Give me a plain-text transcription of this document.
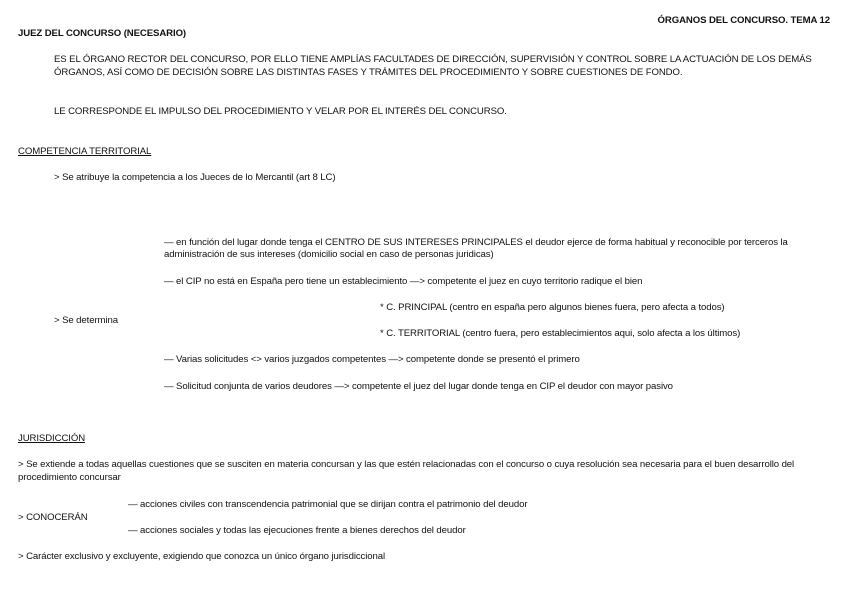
ÓRGANOS DEL CONCURSO. TEMA 12
JUEZ DEL CONCURSO (NECESARIO)
ES EL ÓRGANO RECTOR DEL CONCURSO, POR ELLO TIENE AMPLÍAS FACULTADES DE DIRECCIÓN, SUPERVISIÓN Y CONTROL SOBRE LA ACTUACIÓN DE LOS DEMÁS ÓRGANOS, ASÍ COMO DE DECISIÓN SOBRE LAS DISTINTAS FASES Y TRÁMITES DEL PROCEDIMIENTO Y SOBRE CUESTIONES DE FONDO.
LE CORRESPONDE EL IMPULSO DEL PROCEDIMIENTO Y VELAR POR EL INTERÉS DEL CONCURSO.
COMPETENCIA TERRITORIAL
> Se atribuye la competencia a los Jueces de lo Mercantil (art 8 LC)
— en función del lugar donde tenga el CENTRO DE SUS INTERESES PRINCIPALES el deudor ejerce de forma habitual y reconocible por terceros la administración de sus intereses (domicilio social en caso de personas juridicas)
— el CIP no está en España pero tiene un establecimiento —> competente el juez en cuyo territorio radique el bien
* C. PRINCIPAL (centro en españa pero algunos bienes fuera, pero afecta a todos)
> Se determina
* C. TERRITORIAL (centro fuera, pero establecimientos aqui, solo afecta a los últimos)
— Varias solicitudes <> varios juzgados competentes —> competente donde se presentó el primero
— Solicitud conjunta de varios deudores —> competente el juez del lugar donde tenga en CIP el deudor con mayor pasivo
JURISDICCIÓN
> Se extiende a todas aquellas cuestiones que se susciten en materia concursan y las que estén relacionadas con el concurso o cuya resolución sea necesaria para el buen desarrollo del procedimiento concursar
— acciones civiles con transcendencia patrimonial que se dirijan contra el patrimonio del deudor
> CONOCERÁN
— acciones sociales y todas las ejecuciones frente a bienes derechos del deudor
> Carácter exclusivo y excluyente, exigiendo que conozca un único órgano jurisdiccional
